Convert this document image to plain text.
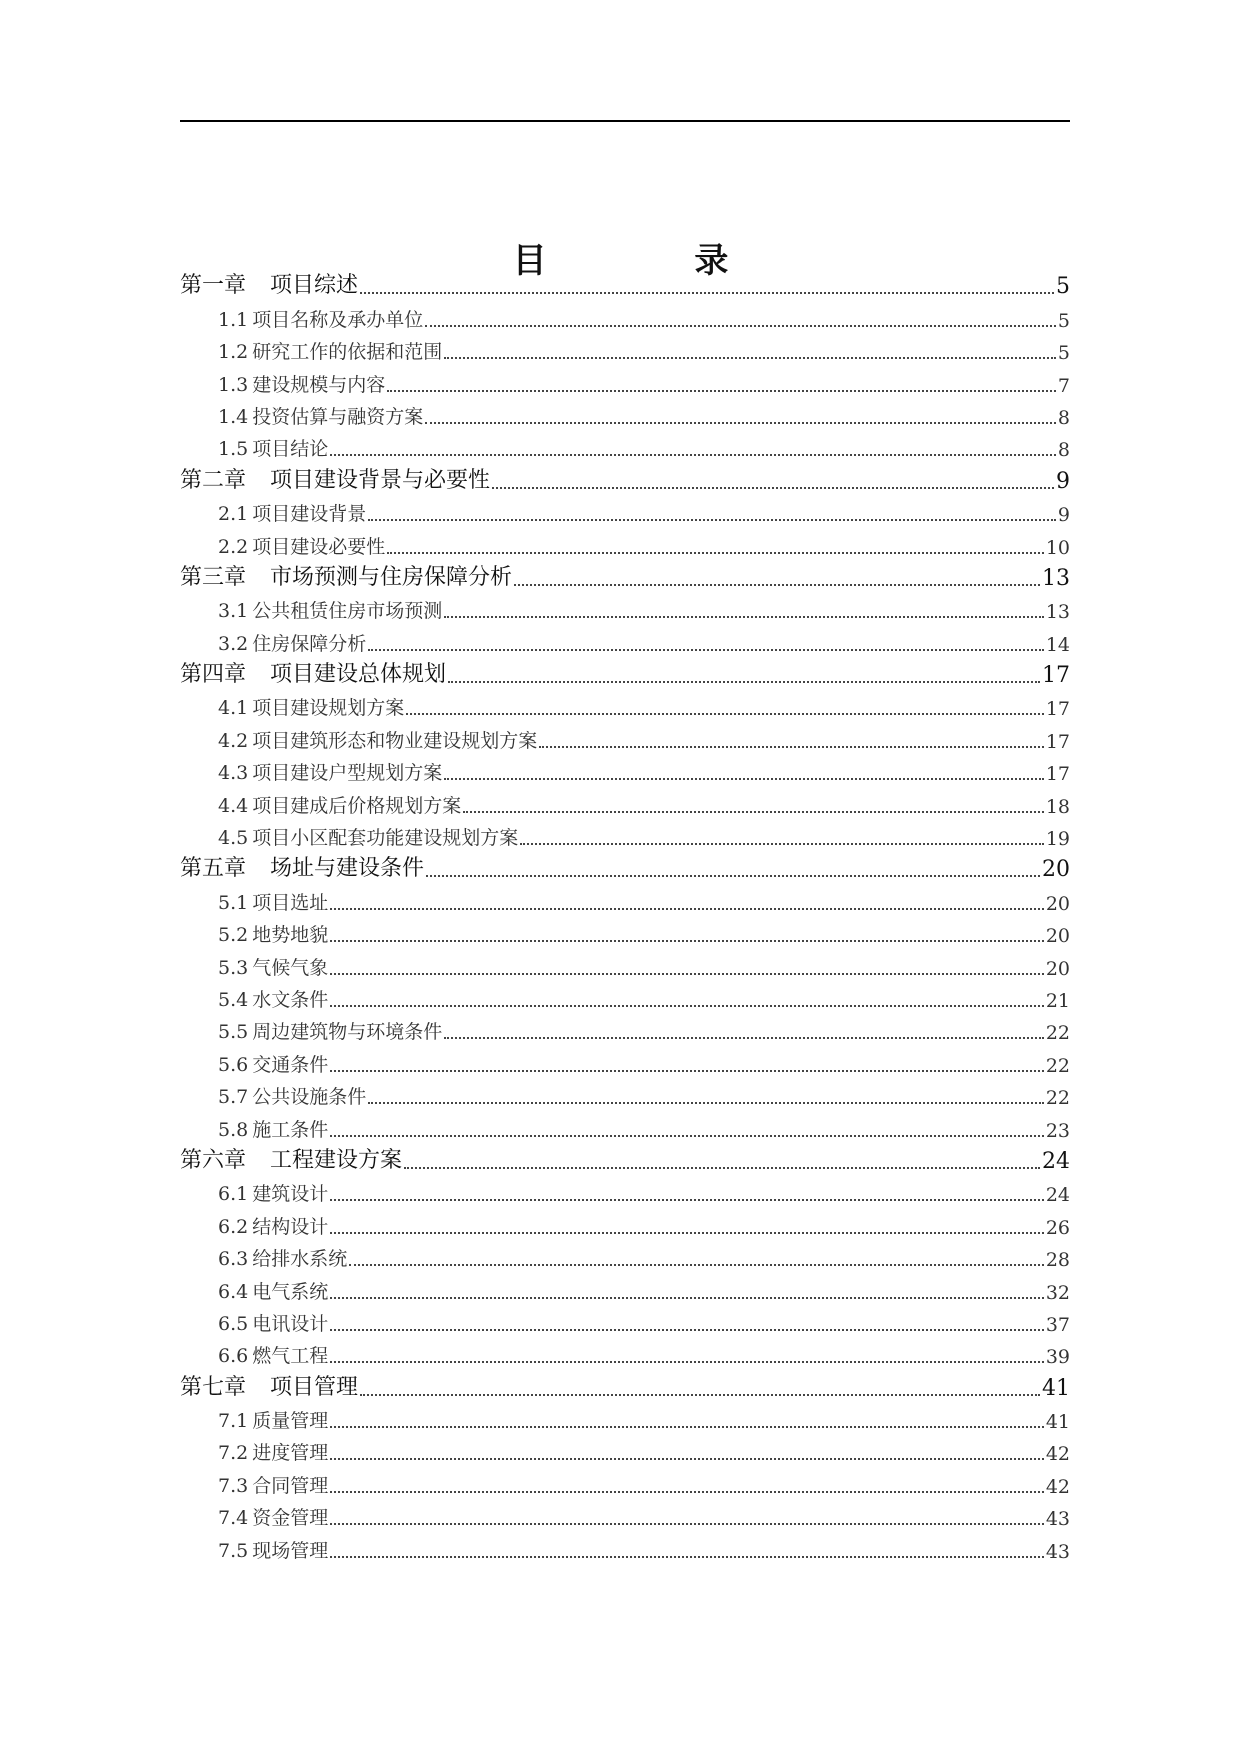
目 录
第一章 项目综述	5
1.1 项目名称及承办单位	5
1.2 研究工作的依据和范围	5
1.3 建设规模与内容	7
1.4 投资估算与融资方案	8
1.5 项目结论	8
第二章 项目建设背景与必要性	9
2.1 项目建设背景	9
2.2 项目建设必要性	10
第三章 市场预测与住房保障分析	13
3.1 公共租赁住房市场预测	13
3.2 住房保障分析	14
第四章 项目建设总体规划	17
4.1 项目建设规划方案	17
4.2 项目建筑形态和物业建设规划方案	17
4.3 项目建设户型规划方案	17
4.4 项目建成后价格规划方案	18
4.5 项目小区配套功能建设规划方案	19
第五章 场址与建设条件	20
5.1 项目选址	20
5.2 地势地貌	20
5.3 气候气象	20
5.4 水文条件	21
5.5 周边建筑物与环境条件	22
5.6 交通条件	22
5.7 公共设施条件	22
5.8 施工条件	23
第六章 工程建设方案	24
6.1 建筑设计	24
6.2 结构设计	26
6.3 给排水系统	28
6.4 电气系统	32
6.5 电讯设计	37
6.6 燃气工程	39
第七章 项目管理	41
7.1 质量管理	41
7.2 进度管理	42
7.3 合同管理	42
7.4 资金管理	43
7.5 现场管理	43
